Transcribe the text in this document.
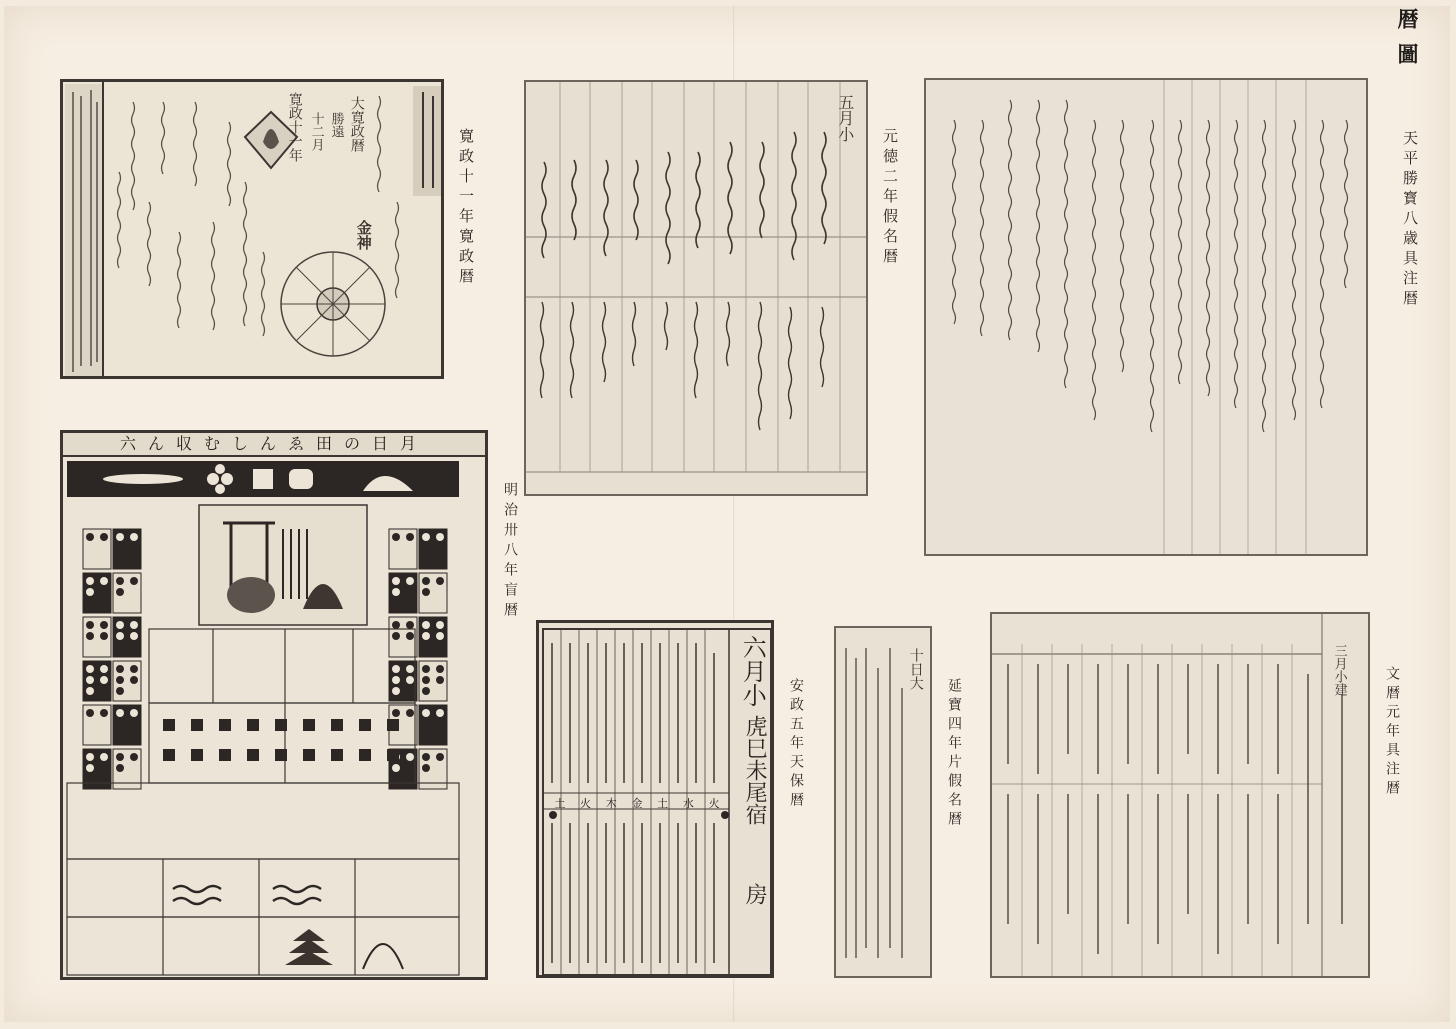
暦圖
寛政十一年 十二月 勝遠 大寛政暦
金神	寛政十一年寛政暦
五月小
元徳二年假名暦	天平勝寳八歳具注暦
六ん収むしんゑ田の日月
明治卅八年盲暦
六月小
虎巳未尾宿
房
土 火 木 金 土 水 火	安政五年天保暦
十日大
延寶四年片假名暦
三月小建	文暦元年具注暦
